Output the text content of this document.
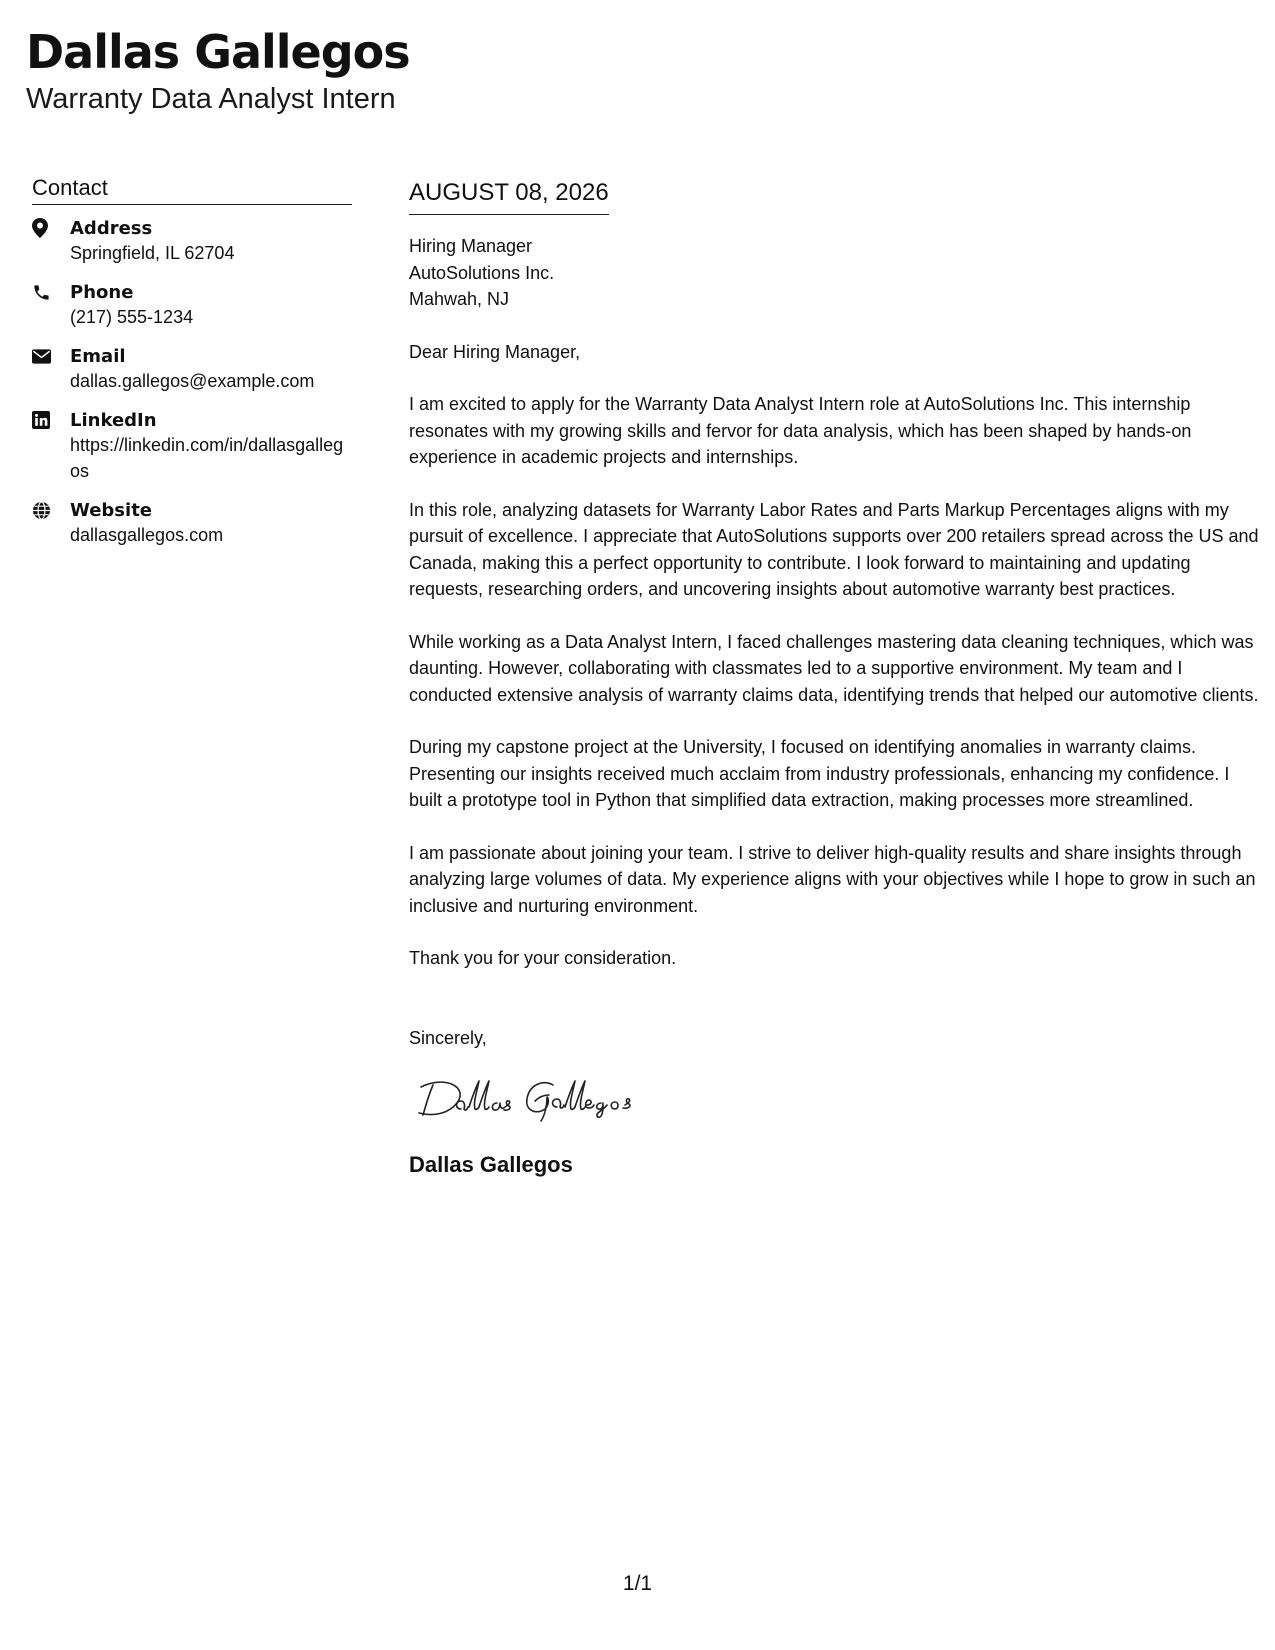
Dallas Gallegos
Warranty Data Analyst Intern
Contact
Address
Springfield, IL 62704
Phone
(217) 555-1234
Email
dallas.gallegos@example.com
LinkedIn
https://linkedin.com/in/dallasgallegos
Website
dallasgallegos.com
AUGUST 08, 2026
Hiring Manager
AutoSolutions Inc.
Mahwah, NJ

Dear Hiring Manager,

I am excited to apply for the Warranty Data Analyst Intern role at AutoSolutions Inc. This internship resonates with my growing skills and fervor for data analysis, which has been shaped by hands-on experience in academic projects and internships.

In this role, analyzing datasets for Warranty Labor Rates and Parts Markup Percentages aligns with my pursuit of excellence. I appreciate that AutoSolutions supports over 200 retailers spread across the US and Canada, making this a perfect opportunity to contribute. I look forward to maintaining and updating requests, researching orders, and uncovering insights about automotive warranty best practices.

While working as a Data Analyst Intern, I faced challenges mastering data cleaning techniques, which was daunting. However, collaborating with classmates led to a supportive environment. My team and I conducted extensive analysis of warranty claims data, identifying trends that helped our automotive clients.

During my capstone project at the University, I focused on identifying anomalies in warranty claims. Presenting our insights received much acclaim from industry professionals, enhancing my confidence. I built a prototype tool in Python that simplified data extraction, making processes more streamlined.

I am passionate about joining your team. I strive to deliver high-quality results and share insights through analyzing large volumes of data. My experience aligns with your objectives while I hope to grow in such an inclusive and nurturing environment.

Thank you for your consideration.

Sincerely,

Dallas Gallegos
1/1
